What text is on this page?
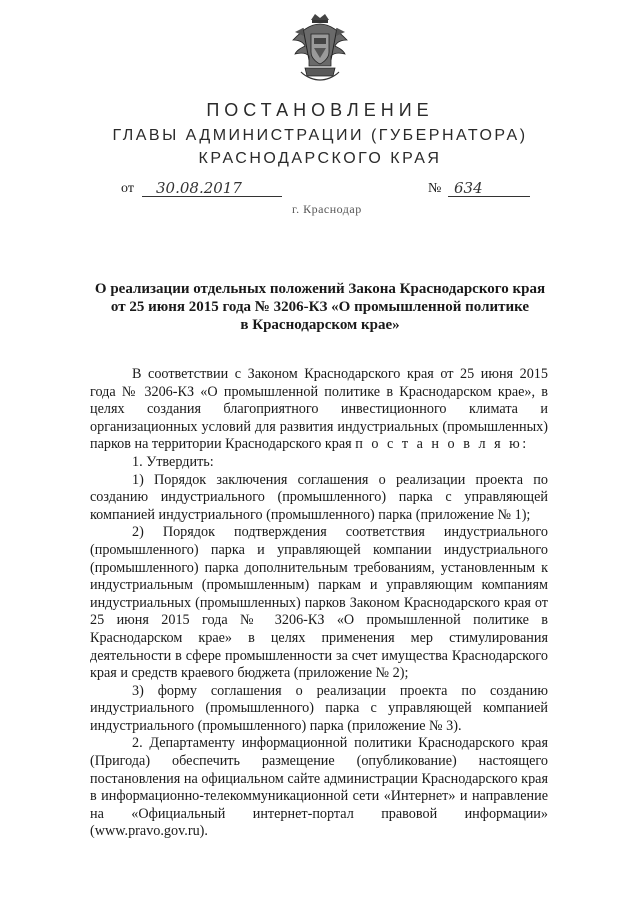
ПОСТАНОВЛЕНИЕ
ГЛАВЫ АДМИНИСТРАЦИИ (ГУБЕРНАТОРА)
КРАСНОДАРСКОГО КРАЯ
от 30.08.2017	№ 634
г. Краснодар
О реализации отдельных положений Закона Краснодарского края
от 25 июня 2015 года № 3206-КЗ «О промышленной политике
в Краснодарском крае»

В соответствии с Законом Краснодарского края от 25 июня 2015 года № 3206-КЗ «О промышленной политике в Краснодарском крае», в целях создания благоприятного инвестиционного климата и организационных условий для развития индустриальных (промышленных) парков на территории Краснодарского края п о с т а н о в л я ю:

1. Утвердить:

1) Порядок заключения соглашения о реализации проекта по созданию индустриального (промышленного) парка с управляющей компанией индустриального (промышленного) парка (приложение № 1);

2) Порядок подтверждения соответствия индустриального (промышленного) парка и управляющей компании индустриального (промышленного) парка дополнительным требованиям, установленным к индустриальным (промышленным) паркам и управляющим компаниям индустриальных (промышленных) парков Законом Краснодарского края от 25 июня 2015 года № 3206-КЗ «О промышленной политике в Краснодарском крае» в целях применения мер стимулирования деятельности в сфере промышленности за счет имущества Краснодарского края и средств краевого бюджета (приложение № 2);

3) форму соглашения о реализации проекта по созданию индустриального (промышленного) парка с управляющей компанией индустриального (промышленного) парка (приложение № 3).

2. Департаменту информационной политики Краснодарского края (Пригода) обеспечить размещение (опубликование) настоящего постановления на официальном сайте администрации Краснодарского края в информационно-телекоммуникационной сети «Интернет» и направление на «Официальный интернет-портал правовой информации» (www.pravo.gov.ru).
